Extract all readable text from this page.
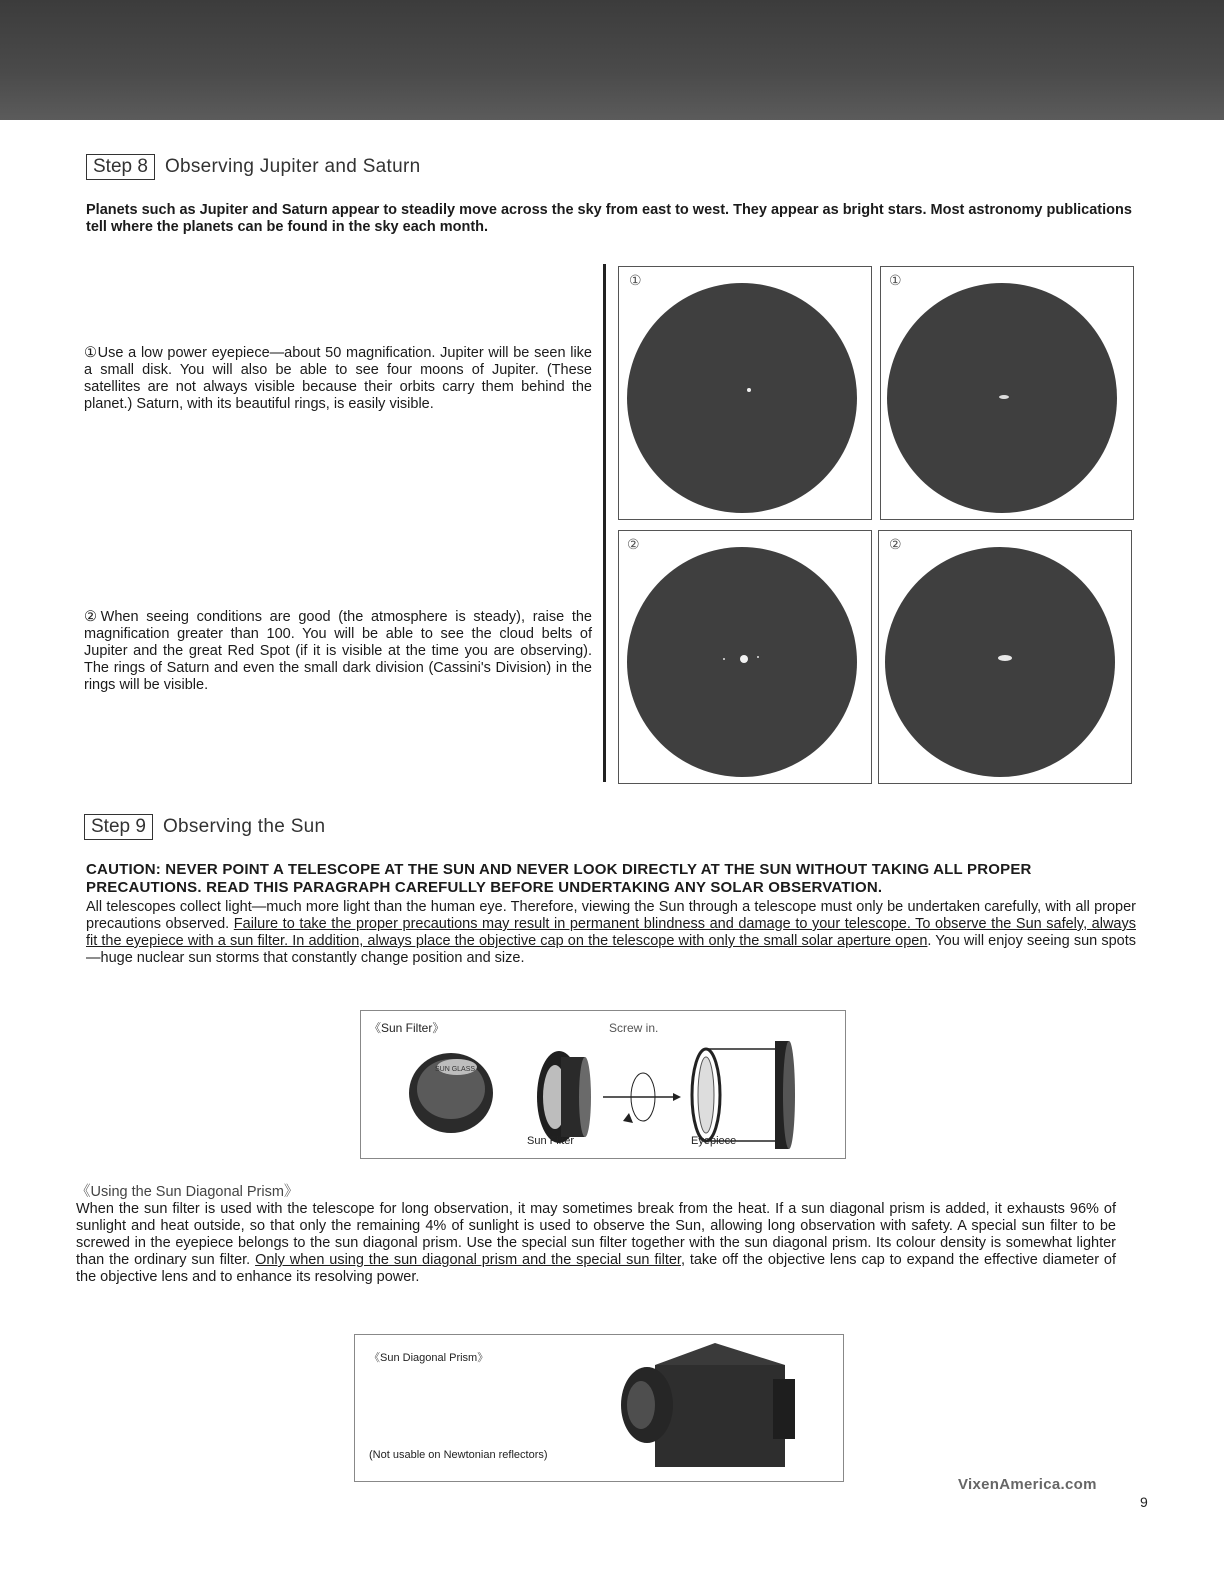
Step 8 Observing Jupiter and Saturn
Planets such as Jupiter and Saturn appear to steadily move across the sky from east to west. They appear as bright stars. Most astronomy publications tell where the planets can be found in the sky each month.
①Use a low power eyepiece—about 50 magnification. Jupiter will be seen like a small disk. You will also be able to see four moons of Jupiter. (These satellites are not always visible because their orbits carry them behind the planet.) Saturn, with its beautiful rings, is easily visible.
②When seeing conditions are good (the atmosphere is steady), raise the magnification greater than 100. You will be able to see the cloud belts of Jupiter and the great Red Spot (if it is visible at the time you are observing). The rings of Saturn and even the small dark division (Cassini's Division) in the rings will be visible.
①	①
②	②
Step 9 Observing the Sun
CAUTION: NEVER POINT A TELESCOPE AT THE SUN AND NEVER LOOK DIRECTLY AT THE SUN WITHOUT TAKING ALL PROPER PRECAUTIONS. READ THIS PARAGRAPH CAREFULLY BEFORE UNDERTAKING ANY SOLAR OBSERVATION.
All telescopes collect light—much more light than the human eye. Therefore, viewing the Sun through a telescope must only be undertaken carefully, with all proper precautions observed. Failure to take the proper precautions may result in permanent blindness and damage to your telescope. To observe the Sun safely, always fit the eyepiece with a sun filter. In addition, always place the objective cap on the telescope with only the small solar aperture open. You will enjoy seeing sun spots—huge nuclear sun storms that constantly change position and size.
《Sun Filter》	Screw in.
SUN GLASS
Sun Filter	Eyepiece
《Using the Sun Diagonal Prism》
When the sun filter is used with the telescope for long observation, it may sometimes break from the heat. If a sun diagonal prism is added, it exhausts 96% of sunlight and heat outside, so that only the remaining 4% of sunlight is used to observe the Sun, allowing long observation with safety. A special sun filter to be screwed in the eyepiece belongs to the sun diagonal prism. Use the special sun filter together with the sun diagonal prism. Its colour density is somewhat lighter than the ordinary sun filter. Only when using the sun diagonal prism and the special sun filter, take off the objective lens cap to expand the effective diameter of the objective lens and to enhance its resolving power.
《Sun Diagonal Prism》
(Not usable on Newtonian reflectors)
VixenAmerica.com
9
